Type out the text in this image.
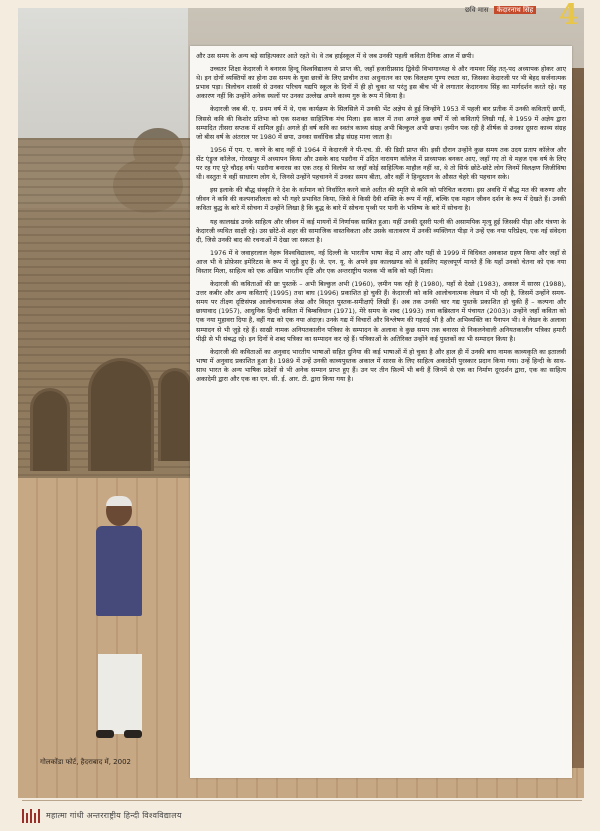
छवि मास केदारनाथ सिंह 4

और उस समय के अन्य बड़े साहित्यकार आते रहते थे। वे तब हाईस्कूल में थे जब उनकी पहली कविता दैनिक आज में छपी।

उच्चतर शिक्षा केदारजी ने बनारस हिन्दू विश्वविद्यालय से प्राप्त की, जहाँ हजारीप्रसाद द्विवेदी विभागाध्यक्ष थे और नामवर सिंह तत्-पद अध्यापक होकर आए थे। इन दोनों व्यक्तियों का होना उस समय के युवा छात्रों के लिए प्राचीन तथा अधुनातन का एक विलक्षण पुण्य रचता था, जिसका केदारजी पर भी बेहद सर्जनात्मक प्रभाव पड़ा। त्रिलोचन शास्त्री से उनका परिचय यद्यपि स्कूल के दिनों में ही हो चुका था परंतु इस बीच भी वे लगातार केदारनाथ सिंह का मार्गदर्शन करते रहे। यह अकारण नहीं कि उन्होंने अनेक स्थलों पर उनका उल्लेख अपने काव्य गुरु के रूप में किया है।

केदारजी जब बी. ए. प्रथम वर्ष में थे, एक कार्यक्रम के सिलसिले में उनकी भेंट अज्ञेय से हुई जिन्होंने 1953 में पहली बार प्रतीक में उनकी कविताएँ छापीं, जिससे कवि की किशोर प्रतिभा को एक सशक्त साहित्यिक मंच मिला। इस काल में तथा अगले कुछ वर्षों में जो कविताएँ लिखी गईं, वे 1959 में अज्ञेय द्वारा सम्पादित तीसरा सप्तक में शामिल हुईं। अगले ही वर्ष कवि का स्वतंत्र काव्य संग्रह अभी बिल्कुल अभी छपा। ज़मीन पक रही है शीर्षक से उनका दूसरा काव्य संग्रह जो बीस वर्ष के अंतराल पर 1980 में छपा, उनका सर्वाधिक प्रौढ़ संग्रह माना जाता है।

1956 में एम. ए. करने के बाद नहीं से 1964 में केदारजी ने पी-एच. डी. की डिग्री प्राप्त की। इसी दौरान उन्होंने कुछ समय तक उदय प्रताप कॉलेज और सेंट एंड्रूज कॉलेज, गोरखपुर में अध्यापन किया और उसके बाद पडरौना में उदित नारायण कॉलेज में प्राध्यापक बनकर आए, जहाँ गए तो थे महज एक वर्ष के लिए पर रह गए पूरे चौदह वर्ष। पडरौना बनारस का एक तरह से विलोम था जहाँ कोई साहित्यिक माहौल नहीं था, थे तो सिर्फ छोटे-छोटे लोग जिनमें विलक्षण जिजीविषा थी। वस्तुतः ये वहीं साधारण लोग थे, जिनसे उन्होंने पहचानने में उनका समय बीता, और वहीं ने हिन्दुस्तान के औसत चेहरे की पहचान सके।

इस इलाके की बौद्ध संस्कृति ने देश के वर्तमान को निर्धारित करने वाले अतीत की स्मृति से कवि को परिचित कराया। इस अवधि में बौद्ध मत की करुणा और जीवन ने कवि की कल्पनाशीलता को भी गहरे प्रभावित किया, जिसे वे किसी दैवी शक्ति के रूप में नहीं, बल्कि एक महान जीवन दर्शन के रूप में देखते हैं। उनकी कविता बुद्ध के बारे में सोचना में उन्होंने लिखा है कि बुद्ध के बारे में सोचना पृथ्वी पर पानी के भविष्य के बारे में सोचना है।

यह कालखंड उनके साहित्य और जीवन में कई मायनों में निर्णायक साबित हुआ। यहीं उनकी दूसरी पत्नी की असामयिक मृत्यु हुई जिसकी पीड़ा और यंत्रणा के केदारजी व्यथित साक्षी रहे। उस छोटे-से शहर की सामाजिक वास्तविकता और उसके वातावरण में उनकी व्यक्तिगत पीड़ा ने उन्हें एक नया परिप्रेक्ष्य, एक नई संवेदना दी, जिसे उनकी बाद की रचनाओं में देखा जा सकता है।

1976 में वे जवाहरलाल नेहरू विश्वविद्यालय, नई दिल्ली के भारतीय भाषा केंद्र में आए और यहीं से 1999 में विधिवत अवकाश ग्रहण किया और जहाँ से आज भी वे प्रोफ़ेसर इमेरिटस के रूप में जुड़े हुए हैं। जे. एन. यू. के अपने इस कालखण्ड को वे इसलिए महत्त्वपूर्ण मानते हैं कि यहाँ उनको चेतना को एक नया विस्तार मिला, साहित्य को एक अखिल भारतीय दृष्टि और एक अन्तराष्ट्रीय फलक भी कवि को यहीं मिला।

केदारजी की कविताओं की छः पुस्तकें – अभी बिल्कुल अभी (1960), ज़मीन पक रही है (1980), यहाँ से देखो (1983), अकाल में सारस (1988), उत्तर कबीर और अन्य कविताएँ (1995) तथा बाघ (1996) प्रकाशित हो चुकी हैं। केदारजी को कवि आलोचनात्मक लेखन में भी रही है, जिसमें उन्होंने समय-समय पर तीक्ष्ण दृष्टिसंपन्न आलोचनात्मक लेख और विस्तृत पुस्तक-समीक्षाएँ लिखी हैं। अब तक उनकी चार गद्य पुस्तकें प्रकाशित हो चुकी हैं – कल्पना और छायावाद (1957), आधुनिक हिन्दी कविता में बिम्बविधान (1971), मेरे समय के शब्द (1993) तथा कब्रिस्तान में पंचायत (2003)। उन्होंने जहाँ कविता को एक नया मुहावरा दिया है, वहीं गद्य को एक नया अंदाज़। उनके गद्य में विचारों और विश्लेषण की गहराई भी है और अभिव्यक्ति का पैनापन भी। वे लेखन के अलावा सम्पादन से भी जुड़े रहे हैं। साखी नामक अनियतकालीन पत्रिका के सम्पादन के अलावा वे कुछ समय तक बनारस से निकलनेवाली अनियतकालीन पत्रिका हमारी पीढ़ी से भी संबद्ध रहे। इन दिनों वे शब्द पत्रिका का सम्पादन कर रहे हैं। पत्रिकाओं के अतिरिक्त उन्होंने कई पुस्तकों का भी सम्पादन किया है।

केदारजी की कविताओं का अनुवाद भारतीय भाषाओं सहित दुनिया की कई भाषाओं में हो चुका है और हाल ही में उनकी बाघ नामक काव्यकृति का इतालवी भाषा में अनुवाद प्रकाशित हुआ है। 1989 में उन्हें उनकी काव्यपुस्तक अकाल में सारस के लिए साहित्य अकादेमी पुरस्कार प्रदान किया गया। उन्हें हिन्दी के साथ-साथ भारत के अन्य भाषिक प्रदेशों से भी अनेक सम्मान प्राप्त हुए हैं। उन पर तीन फ़िल्में भी बनी हैं जिनमें से एक का निर्माण दूरदर्शन द्वारा, एक का साहित्य अकादेमी द्वारा और एक का एन. सी. ई. आर. टी. द्वारा किया गया है।

गोलकोंडा फोर्ट, हैदराबाद में, 2002
महात्मा गांधी अन्तरराष्ट्रीय हिन्दी विश्वविद्यालय
